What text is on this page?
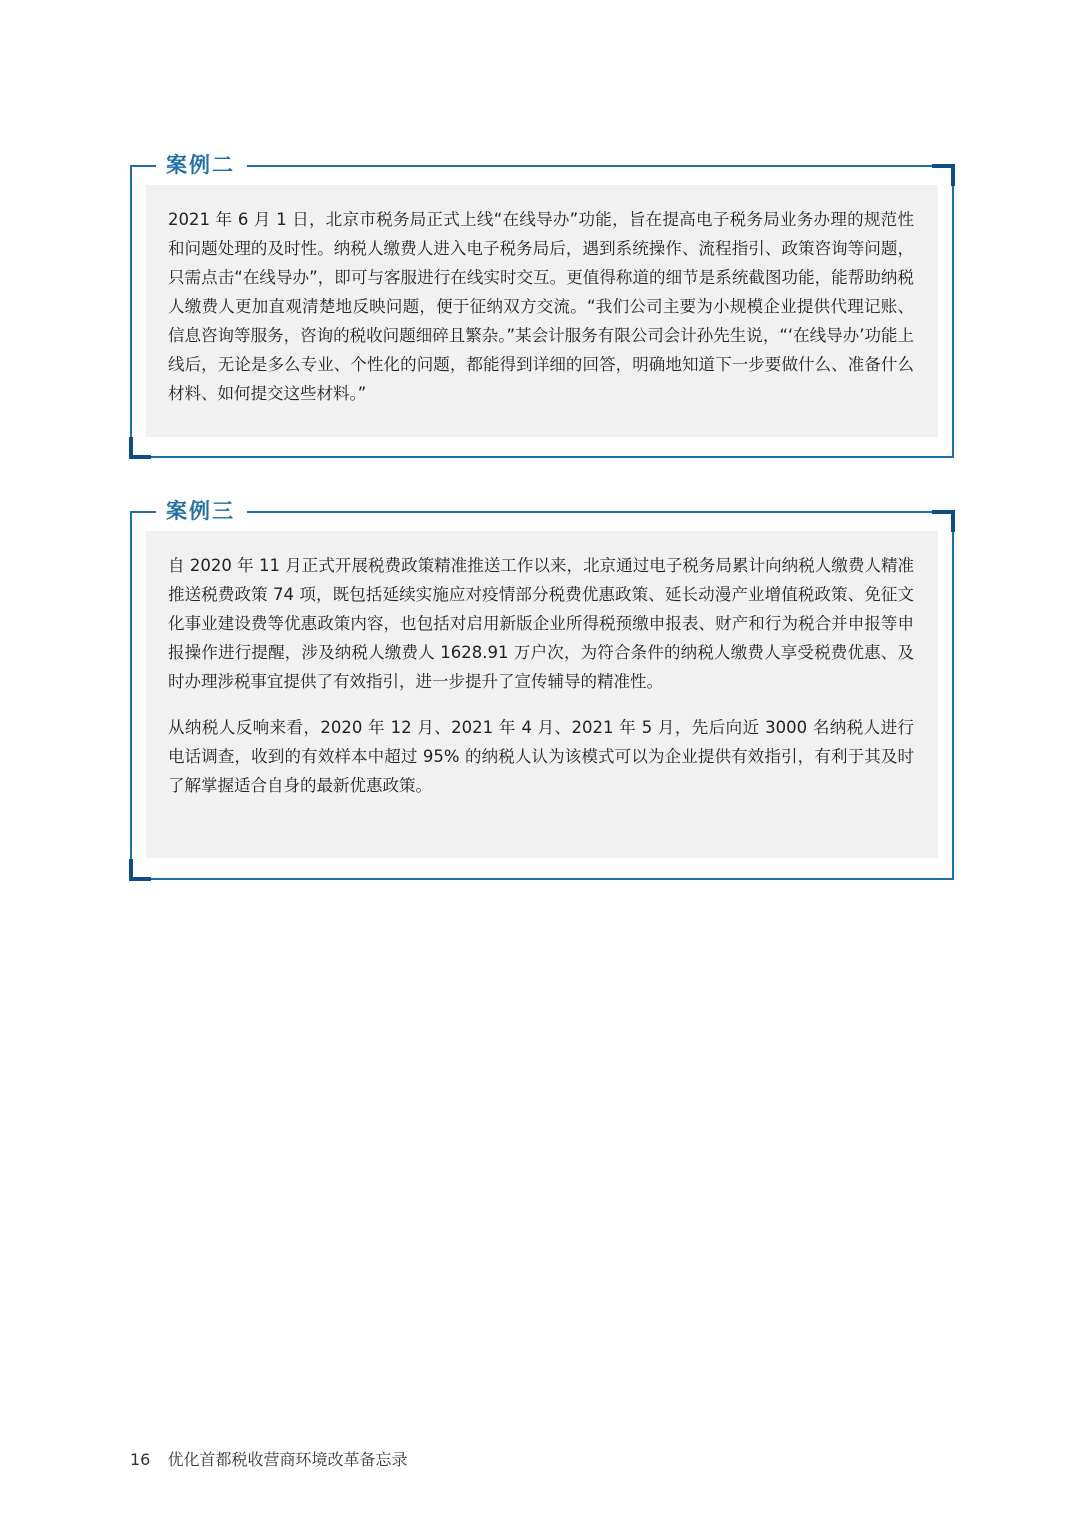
案例二

2021 年 6 月 1 日，北京市税务局正式上线“在线导办”功能，旨在提高电子税务局业务办理的规范性和问题处理的及时性。纳税人缴费人进入电子税务局后，遇到系统操作、流程指引、政策咨询等问题，只需点击“在线导办”，即可与客服进行在线实时交互。更值得称道的细节是系统截图功能，能帮助纳税人缴费人更加直观清楚地反映问题，便于征纳双方交流。“我们公司主要为小规模企业提供代理记账、信息咨询等服务，咨询的税收问题细碎且繁杂。”某会计服务有限公司会计孙先生说，“‘在线导办’功能上线后，无论是多么专业、个性化的问题，都能得到详细的回答，明确地知道下一步要做什么、准备什么材料、如何提交这些材料。”

案例三

自 2020 年 11 月正式开展税费政策精准推送工作以来，北京通过电子税务局累计向纳税人缴费人精准推送税费政策 74 项，既包括延续实施应对疫情部分税费优惠政策、延长动漫产业增值税政策、免征文化事业建设费等优惠政策内容，也包括对启用新版企业所得税预缴申报表、财产和行为税合并申报等申报操作进行提醒，涉及纳税人缴费人 1628.91 万户次，为符合条件的纳税人缴费人享受税费优惠、及时办理涉税事宜提供了有效指引，进一步提升了宣传辅导的精准性。

从纳税人反响来看，2020 年 12 月、2021 年 4 月、2021 年 5 月，先后向近 3000 名纳税人进行电话调查，收到的有效样本中超过 95% 的纳税人认为该模式可以为企业提供有效指引，有利于其及时了解掌握适合自身的最新优惠政策。

16 优化首都税收营商环境改革备忘录
